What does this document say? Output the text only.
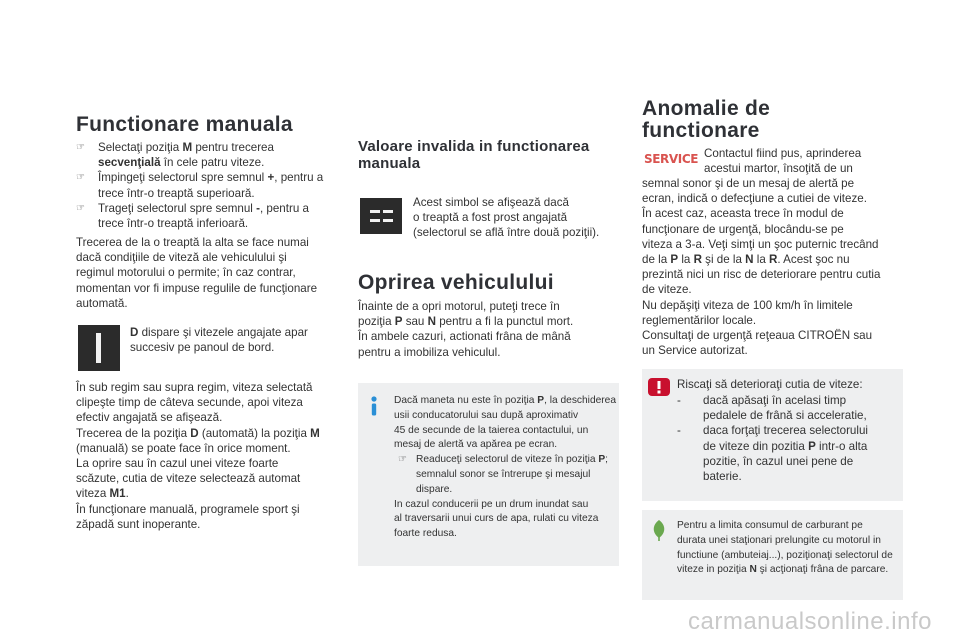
Functionare manuala
☞ Selectaţi poziţia M pentru trecerea secvenţială în cele patru viteze.
☞ Împingeţi selectorul spre semnul +, pentru a trece într-o treaptă superioară.
☞ Trageţi selectorul spre semnul -, pentru a trece într-o treaptă inferioară.
Trecerea de la o treaptă la alta se face numai
dacă condiţiile de viteză ale vehiculului şi
regimul motorului o permite; în caz contrar,
momentan vor fi impuse regulile de funcţionare
automată.
D dispare şi vitezele angajate apar
succesiv pe panoul de bord.
În sub regim sau supra regim, viteza selectată
clipeşte timp de câteva secunde, apoi viteza
efectiv angajată se afişează.
Trecerea de la poziţia D (automată) la poziţia M
(manuală) se poate face în orice moment.
La oprire sau în cazul unei viteze foarte
scăzute, cutia de viteze selectează automat
viteza M1.
În funcţionare manuală, programele sport şi
zăpadă sunt inoperante.
Valoare invalida in functionarea
manuala
Acest simbol se afişează dacă
o treaptă a fost prost angajată
(selectorul se află între două poziţii).
Oprirea vehiculului
Înainte de a opri motorul, puteţi trece în
poziţia P sau N pentru a fi la punctul mort.
În ambele cazuri, actionati frâna de mână
pentru a imobiliza vehiculul.
Dacă maneta nu este în poziţia P, la deschiderea
usii conducatorului sau după aproximativ
45 de secunde de la taierea contactului, un
mesaj de alertă va apărea pe ecran.
☞ Readuceţi selectorul de viteze în poziţia P;
semnalul sonor se întrerupe şi mesajul
dispare.
In cazul conducerii pe un drum inundat sau
al traversarii unui curs de apa, rulati cu viteza
foarte redusa.
Anomalie de
functionare
SERVICE Contactul fiind pus, aprinderea
acestui martor, însoţită de un
semnal sonor şi de un mesaj de alertă pe
ecran, indică o defecţiune a cutiei de viteze.
În acest caz, aceasta trece în modul de
funcţionare de urgenţă, blocându-se pe
viteza a 3-a. Veţi simţi un şoc puternic trecând
de la P la R şi de la N la R. Acest şoc nu
prezintă nici un risc de deteriorare pentru cutia
de viteze.
Nu depăşiţi viteza de 100 km/h în limitele
reglementărilor locale.
Consultaţi de urgenţă reţeaua CITROËN sau
un Service autorizat.
Riscaţi să deterioraţi cutia de viteze:
- dacă apăsaţi în acelasi timp
pedalele de frână si acceleratie,
- daca forţaţi trecerea selectorului
de viteze din pozitia P intr-o alta
pozitie, în cazul unei pene de
baterie.
Pentru a limita consumul de carburant pe
durata unei staţionari prelungite cu motorul in
functiune (ambuteiaj...), poziţionaţi selectorul de
viteze in poziţia N şi acţionaţi frâna de parcare.
carmanualsonline.info
